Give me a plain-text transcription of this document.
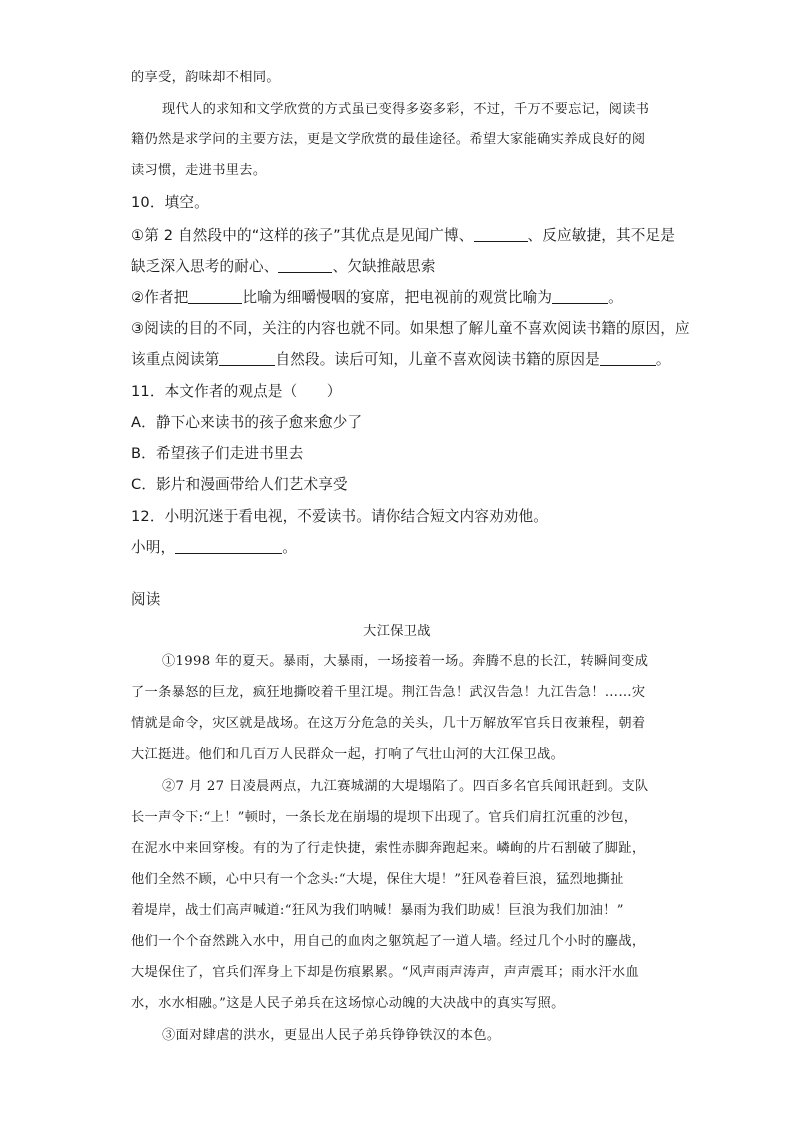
的享受，韵味却不相同。
现代人的求知和文学欣赏的方式虽已变得多姿多彩，不过，千万不要忘记，阅读书
籍仍然是求学问的主要方法，更是文学欣赏的最佳途径。希望大家能确实养成良好的阅
读习惯，走进书里去。
10．填空。
①第 2 自然段中的“这样的孩子”其优点是见闻广博、	、反应敏捷，其不足是
缺乏深入思考的耐心、	、欠缺推敲思索
②作者把	比喻为细嚼慢咽的宴席，把电视前的观赏比喻为	。
③阅读的目的不同，关注的内容也就不同。如果想了解儿童不喜欢阅读书籍的原因，应
该重点阅读第	自然段。读后可知，儿童不喜欢阅读书籍的原因是	。
11．本文作者的观点是（　　）
A．静下心来读书的孩子愈来愈少了
B．希望孩子们走进书里去
C．影片和漫画带给人们艺术享受
12．小明沉迷于看电视，不爱读书。请你结合短文内容劝劝他。
小明，	。
阅读
大江保卫战
①1998 年的夏天。暴雨，大暴雨，一场接着一场。奔腾不息的长江，转瞬间变成
了一条暴怒的巨龙，疯狂地撕咬着千里江堤。荆江告急！武汉告急！九江告急！……灾
情就是命令，灾区就是战场。在这万分危急的关头，几十万解放军官兵日夜兼程，朝着
大江挺进。他们和几百万人民群众一起，打响了气壮山河的大江保卫战。
②7 月 27 日凌晨两点，九江赛城湖的大堤塌陷了。四百多名官兵闻讯赶到。支队
长一声令下:“上！”顿时，一条长龙在崩塌的堤坝下出现了。官兵们肩扛沉重的沙包，
在泥水中来回穿梭。有的为了行走快捷，索性赤脚奔跑起来。嶙峋的片石割破了脚趾，
他们全然不顾，心中只有一个念头:“大堤，保住大堤！”狂风卷着巨浪，猛烈地撕扯
着堤岸，战士们高声喊道:“狂风为我们呐喊！暴雨为我们助威！巨浪为我们加油！”
他们一个个奋然跳入水中，用自己的血肉之躯筑起了一道人墙。经过几个小时的鏖战，
大堤保住了，官兵们浑身上下却是伤痕累累。“风声雨声涛声，声声震耳；雨水汗水血
水，水水相融。”这是人民子弟兵在这场惊心动魄的大决战中的真实写照。
③面对肆虐的洪水，更显出人民子弟兵铮铮铁汉的本色。
